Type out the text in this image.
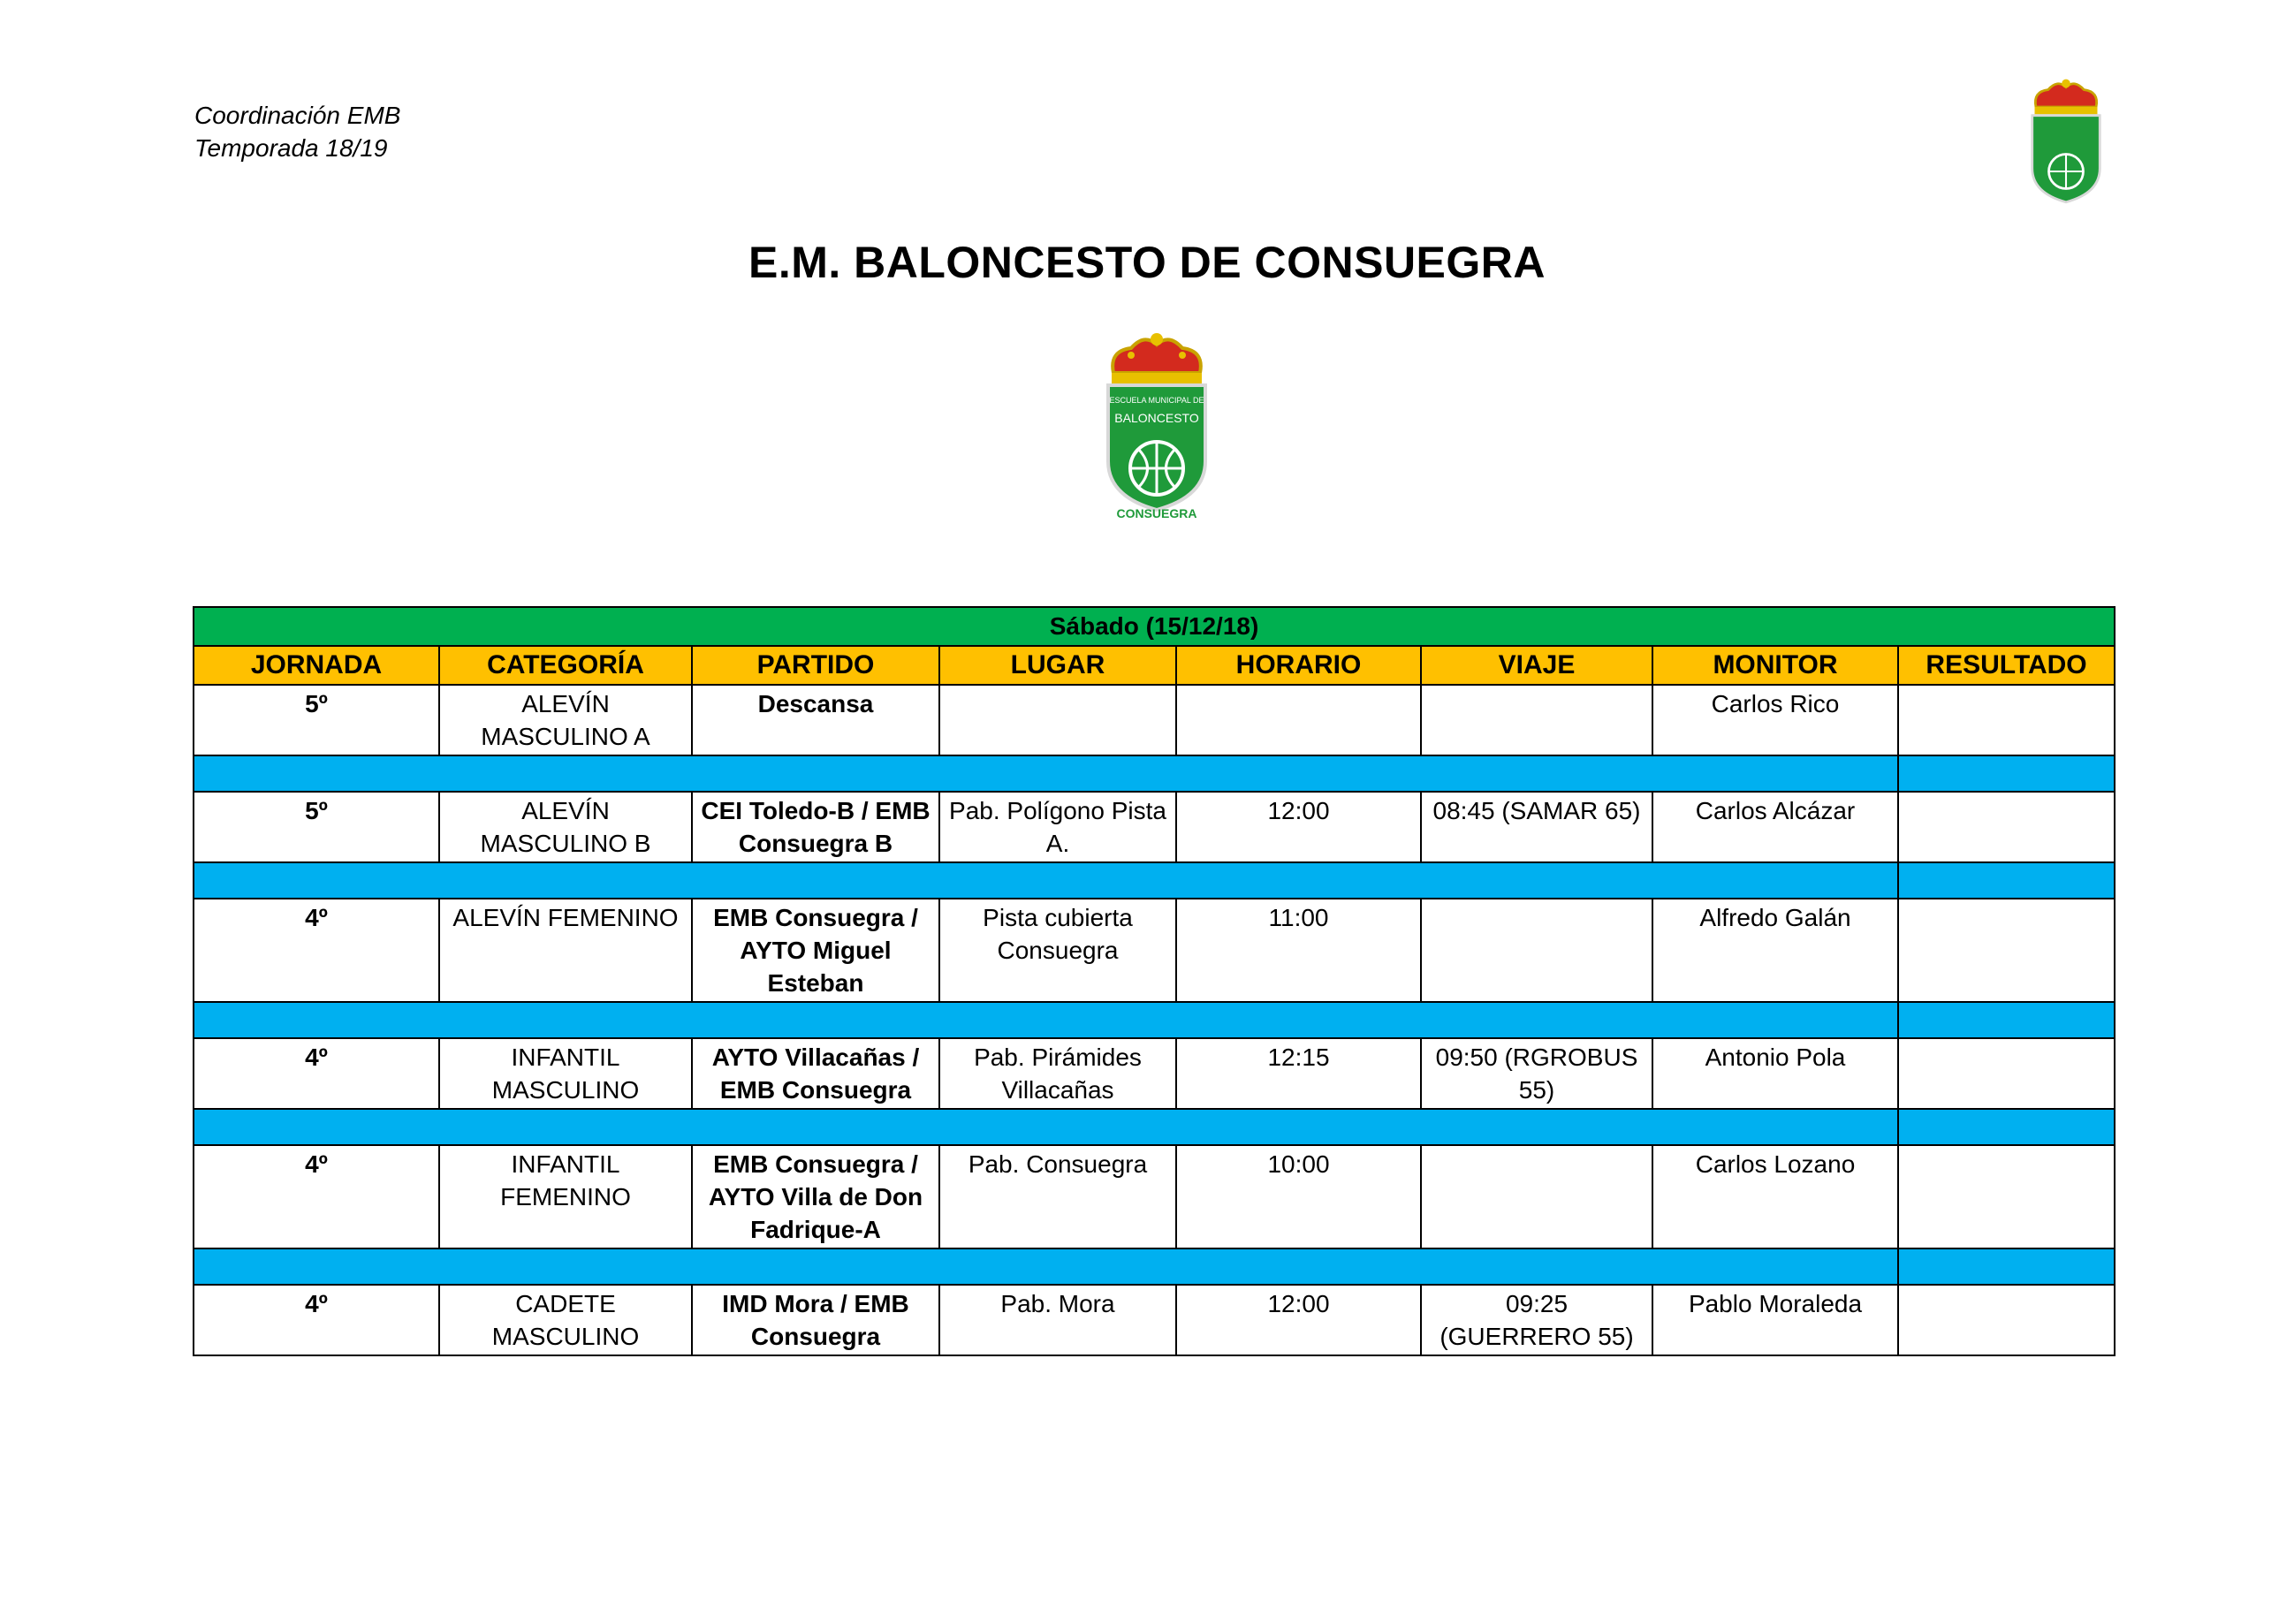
Coordinación EMB
Temporada 18/19
E.M. BALONCESTO DE CONSUEGRA
ESCUELA MUNICIPAL DE
BALONCESTO
CONSUEGRA
Sábado (15/12/18)							
JORNADA	CATEGORÍA	PARTIDO	LUGAR	HORARIO	VIAJE	MONITOR	RESULTADO
5º	ALEVÍN MASCULINO A	Descansa				Carlos Rico	

5º	ALEVÍN MASCULINO B	CEI Toledo-B / EMB Consuegra B	Pab. Polígono Pista A.	12:00	08:45 (SAMAR 65)	Carlos Alcázar	

4º	ALEVÍN FEMENINO	EMB Consuegra / AYTO Miguel Esteban	Pista cubierta Consuegra	11:00		Alfredo Galán	

4º	INFANTIL MASCULINO	AYTO Villacañas / EMB Consuegra	Pab. Pirámides Villacañas	12:15	09:50 (RGROBUS 55)	Antonio Pola	

4º	INFANTIL FEMENINO	EMB Consuegra / AYTO Villa de Don Fadrique-A	Pab. Consuegra	10:00		Carlos Lozano	

4º	CADETE MASCULINO	IMD Mora / EMB Consuegra	Pab. Mora	12:00	09:25 (GUERRERO 55)	Pablo Moraleda	
